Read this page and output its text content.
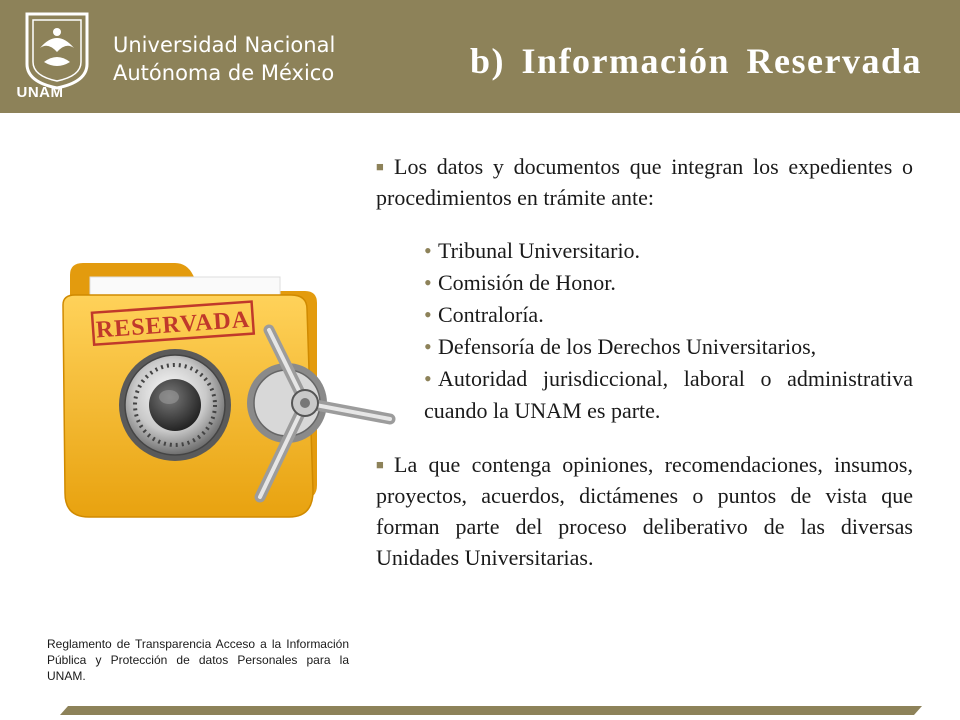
UNAM
Universidad Nacional
Autónoma de México	b) Información Reservada
RESERVADA

■ Los datos y documentos que integran los expedientes o procedimientos en trámite ante:

• Tribunal Universitario.
• Comisión de Honor.
• Contraloría.
• Defensoría de los Derechos Universitarios,
• Autoridad jurisdiccional, laboral o administrativa cuando la UNAM es parte.

■ La que contenga opiniones, recomendaciones, insumos, proyectos, acuerdos, dictámenes o puntos de vista que forman parte del proceso deliberativo de las diversas Unidades Universitarias.

Reglamento de Transparencia Acceso a la Información Pública y Protección de datos Personales para la UNAM.
